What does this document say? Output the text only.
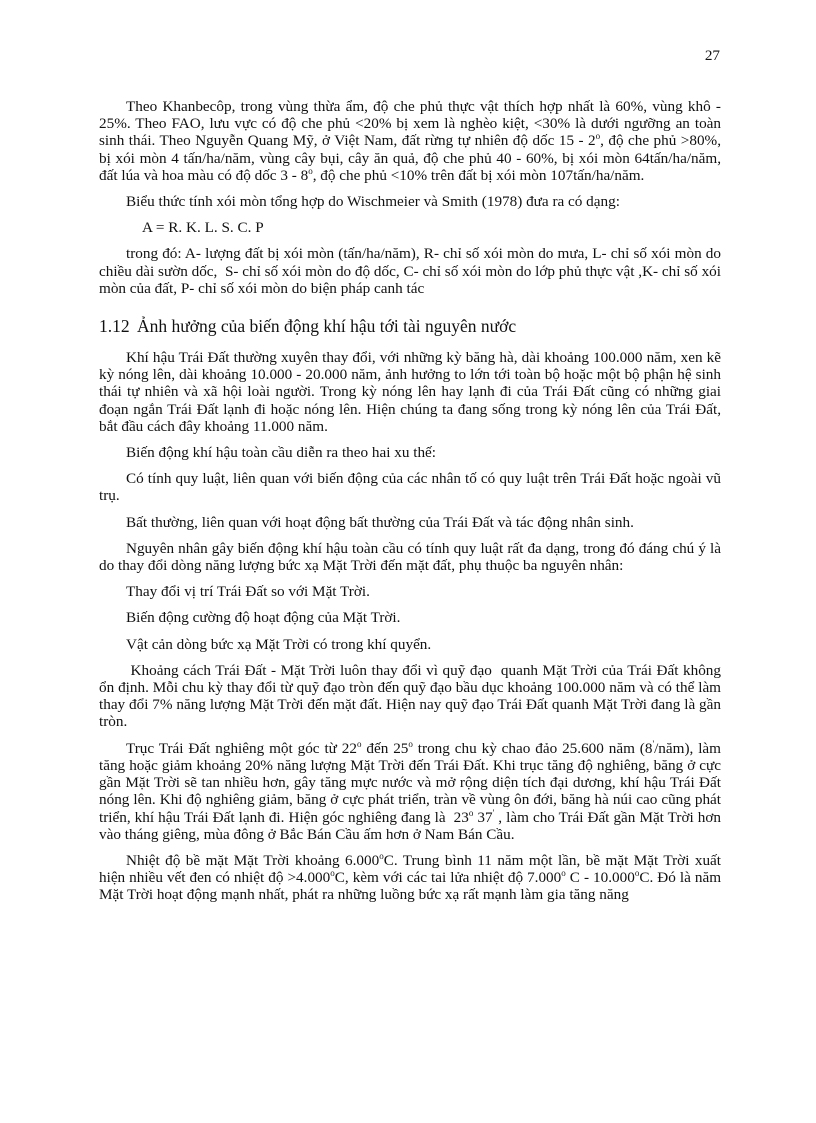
27

Theo Khanbecôp, trong vùng thừa ẩm, độ che phủ thực vật thích hợp nhất là 60%, vùng khô - 25%. Theo FAO, lưu vực có độ che phủ <20% bị xem là nghèo kiệt, <30% là dưới ngưỡng an toàn sinh thái. Theo Nguyễn Quang Mỹ, ở Việt Nam, đất rừng tự nhiên độ dốc 15 - 2$^o$, độ che phủ >80%, bị xói mòn 4 tấn/ha/năm, vùng cây bụi, cây ăn quả, độ che phủ 40 - 60%, bị xói mòn 64tấn/ha/năm, đất lúa và hoa màu có độ dốc 3 - 8$^o$, độ che phủ <10% trên đất bị xói mòn 107tấn/ha/năm.

Biểu thức tính xói mòn tổng hợp do Wischmeier và Smith (1978) đưa ra có dạng:

A = R. K. L. S. C. P

trong đó: A- lượng đất bị xói mòn (tấn/ha/năm), R- chỉ số xói mòn do mưa, L- chỉ số xói mòn do chiều dài sườn dốc,  S- chỉ số xói mòn do độ dốc, C- chỉ số xói mòn do lớp phủ thực vật ,K- chỉ số xói mòn của đất, P- chỉ số xói mòn do biện pháp canh tác

1.12 Ảnh hưởng của biến động khí hậu tới tài nguyên nước

Khí hậu Trái Đất thường xuyên thay đổi, với những kỳ băng hà, dài khoảng 100.000 năm, xen kẽ kỳ nóng lên, dài khoảng 10.000 - 20.000 năm, ảnh hưởng to lớn tới toàn bộ hoặc một bộ phận hệ sinh thái tự nhiên và xã hội loài người. Trong kỳ nóng lên hay lạnh đi của Trái Đất cũng có những giai đoạn ngắn Trái Đất lạnh đi hoặc nóng lên. Hiện chúng ta đang sống trong kỳ nóng lên của Trái Đất, bắt đầu cách đây khoảng 11.000 năm.

Biến động khí hậu toàn cầu diễn ra theo hai xu thế:

Có tính quy luật, liên quan với biến động của các nhân tố có quy luật trên Trái Đất hoặc ngoài vũ trụ.

Bất thường, liên quan với hoạt động bất thường của Trái Đất và tác động nhân sinh.

Nguyên nhân gây biến động khí hậu toàn cầu có tính quy luật rất đa dạng, trong đó đáng chú ý là do thay đổi dòng năng lượng bức xạ Mặt Trời đến mặt đất, phụ thuộc ba nguyên nhân:

Thay đổi vị trí Trái Đất so với Mặt Trời.

Biến động cường độ hoạt động của Mặt Trời.

Vật cản dòng bức xạ Mặt Trời có trong khí quyển.

Khoảng cách Trái Đất - Mặt Trời luôn thay đổi vì quỹ đạo  quanh Mặt Trời của Trái Đất không ổn định. Mỗi chu kỳ thay đổi từ quỹ đạo tròn đến quỹ đạo bầu dục khoảng 100.000 năm và có thể làm thay đổi 7% năng lượng Mặt Trời đến mặt đất. Hiện nay quỹ đạo Trái Đất quanh Mặt Trời đang là gần tròn.

Trục Trái Đất nghiêng một góc từ 22$^o$ đến 25$^o$ trong chu kỳ chao đảo 25.600 năm (8'/năm), làm tăng hoặc giảm khoảng 20% năng lượng Mặt Trời đến Trái Đất. Khi trục tăng độ nghiêng, băng ở cực gần Mặt Trời sẽ tan nhiều hơn, gây tăng mực nước và mở rộng diện tích đại dương, khí hậu Trái Đất nóng lên. Khi độ nghiêng giảm, băng ở cực phát triển, tràn về vùng ôn đới, băng hà núi cao cũng phát triển, khí hậu Trái Đất lạnh đi. Hiện góc nghiêng đang là  23$^o$ 37' , làm cho Trái Đất gần Mặt Trời hơn vào tháng giêng, mùa đông ở Bắc Bán Cầu ấm hơn ở Nam Bán Cầu.

Nhiệt độ bề mặt Mặt Trời khoảng 6.000$^o$C. Trung bình 11 năm một lần, bề mặt Mặt Trời xuất hiện nhiều vết đen có nhiệt độ $>4.000^oC$, kèm với các tai lửa nhiệt độ 7.000$^o$ C - 10.000$^o$C. Đó là năm Mặt Trời hoạt động mạnh nhất, phát ra những luồng bức xạ rất mạnh làm gia tăng năng
